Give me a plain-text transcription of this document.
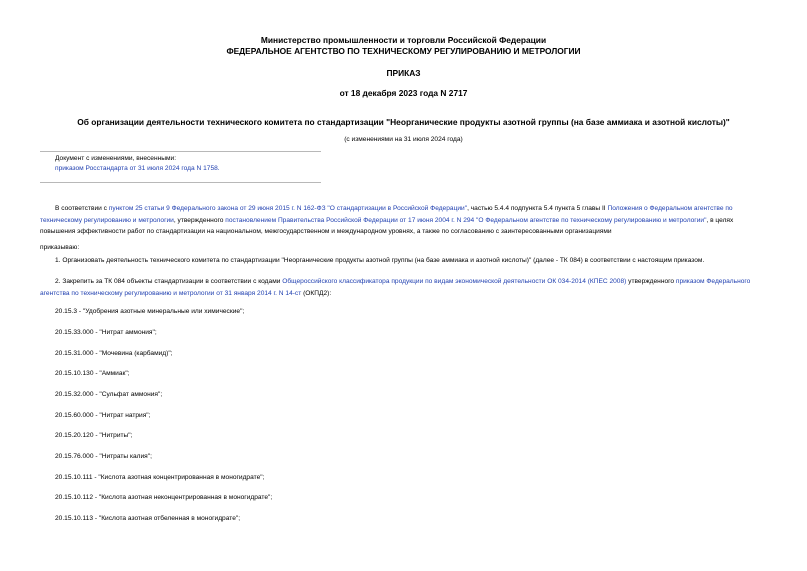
Министерство промышленности и торговли Российской Федерации
ФЕДЕРАЛЬНОЕ АГЕНТСТВО ПО ТЕХНИЧЕСКОМУ РЕГУЛИРОВАНИЮ И МЕТРОЛОГИИ
ПРИКАЗ
от 18 декабря 2023 года N 2717
Об организации деятельности технического комитета по стандартизации "Неорганические продукты азотной группы (на базе аммиака и азотной кислоты)"
(с изменениями на 31 июля 2024 года)
Документ с изменениями, внесенными:
приказом Росстандарта от 31 июля 2024 года N 1758.
В соответствии с пунктом 25 статьи 9 Федерального закона от 29 июня 2015 г. N 162-ФЗ "О стандартизации в Российской Федерации", частью 5.4.4 подпункта 5.4 пункта 5 главы II Положения о Федеральном агентстве по техническому регулированию и метрологии, утвержденного постановлением Правительства Российской Федерации от 17 июня 2004 г. N 294 "О Федеральном агентстве по техническому регулированию и метрологии", в целях повышения эффективности работ по стандартизации на национальном, межгосударственном и международном уровнях, а также по согласованию с заинтересованными организациями
приказываю:
1. Организовать деятельность технического комитета по стандартизации "Неорганические продукты азотной группы (на базе аммиака и азотной кислоты)" (далее - ТК 084) в соответствии с настоящим приказом.
2. Закрепить за ТК 084 объекты стандартизации в соответствии с кодами Общероссийского классификатора продукции по видам экономической деятельности ОК 034-2014 (КПЕС 2008) утвержденного приказом Федерального агентства по техническому регулированию и метрологии от 31 января 2014 г. N 14-ст (ОКПД2):
20.15.3 - "Удобрения азотные минеральные или химические";
20.15.33.000 - "Нитрат аммония";
20.15.31.000 - "Мочевина (карбамид)";
20.15.10.130 - "Аммиак";
20.15.32.000 - "Сульфат аммония";
20.15.60.000 - "Нитрат натрия";
20.15.20.120 - "Нитриты";
20.15.76.000 - "Нитраты калия";
20.15.10.111 - "Кислота азотная концентрированная в моногидрате";
20.15.10.112 - "Кислота азотная неконцентрированная в моногидрате";
20.15.10.113 - "Кислота азотная отбеленная в моногидрате";
